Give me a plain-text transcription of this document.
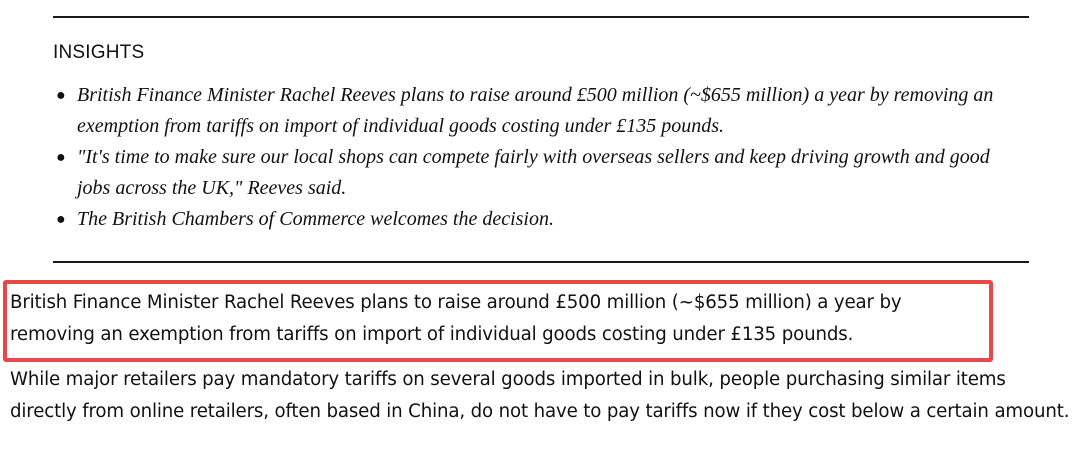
INSIGHTS
● British Finance Minister Rachel Reeves plans to raise around £500 million (~$655 million) a year by removing an exemption from tariffs on import of individual goods costing under £135 pounds.
● "It's time to make sure our local shops can compete fairly with overseas sellers and keep driving growth and good jobs across the UK," Reeves said.
● The British Chambers of Commerce welcomes the decision.

British Finance Minister Rachel Reeves plans to raise around £500 million (~$655 million) a year by removing an exemption from tariffs on import of individual goods costing under £135 pounds.

While major retailers pay mandatory tariffs on several goods imported in bulk, people purchasing similar items directly from online retailers, often based in China, do not have to pay tariffs now if they cost below a certain amount.
